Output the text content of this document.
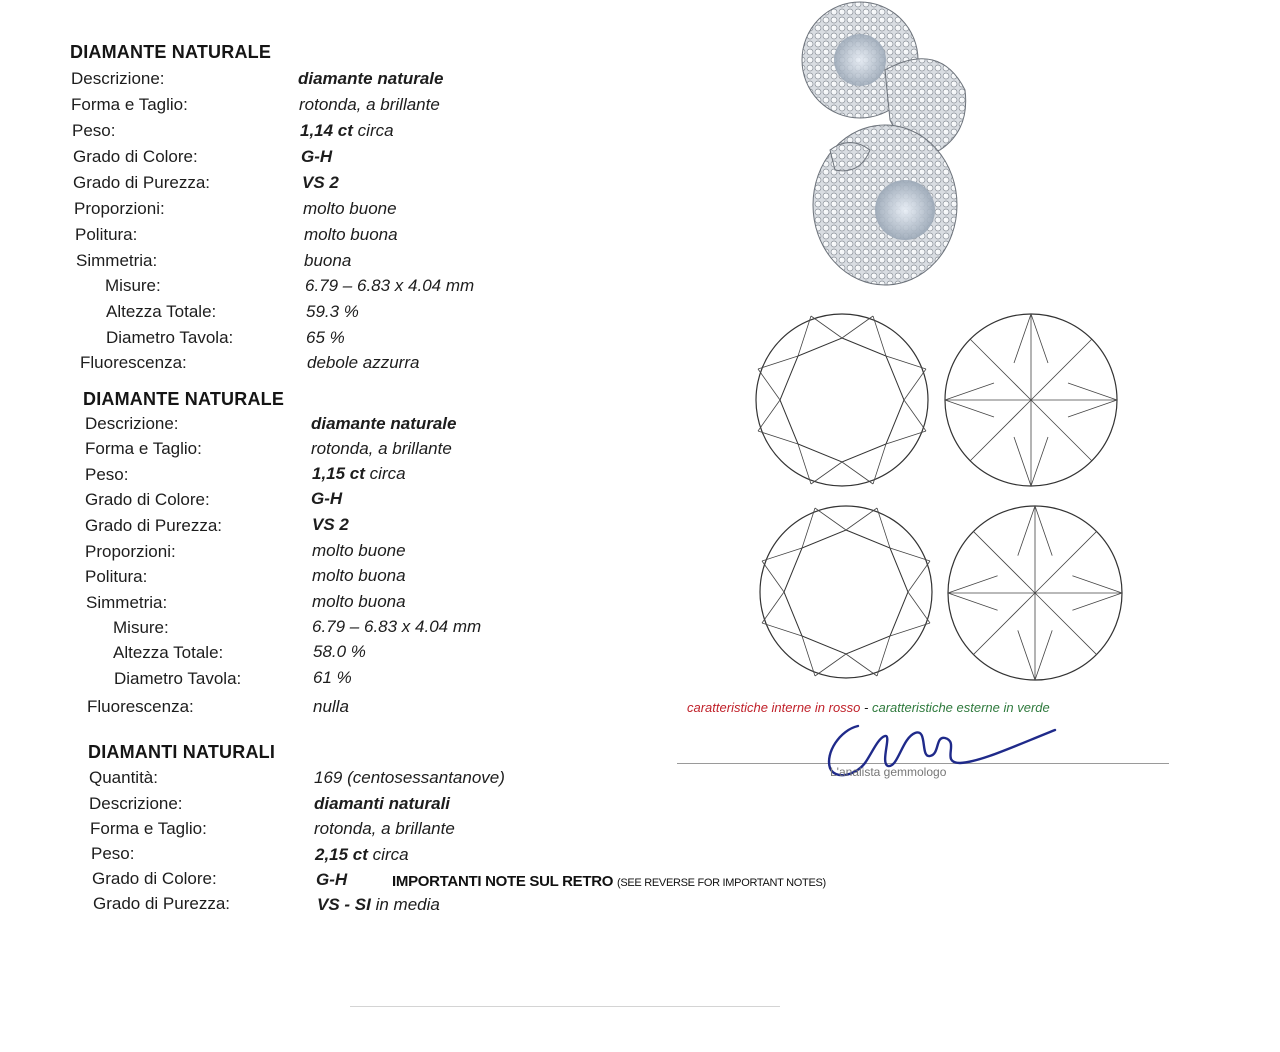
DIAMANTE NATURALE
Descrizione:	diamante naturale
Forma e Taglio:	rotonda, a brillante
Peso:	1,14 ct circa
Grado di Colore:	G-H
Grado di Purezza:	VS 2
Proporzioni:	molto buone
Politura:	molto buona
Simmetria:	buona
Misure:	6.79 – 6.83 x 4.04 mm
Altezza Totale:	59.3 %
Diametro Tavola:	65 %
Fluorescenza:	debole azzurra
DIAMANTE NATURALE
Descrizione:	diamante naturale
Forma e Taglio:	rotonda, a brillante
Peso:	1,15 ct circa
Grado di Colore:	G-H
Grado di Purezza:	VS 2
Proporzioni:	molto buone
Politura:	molto buona
Simmetria:	molto buona
Misure:	6.79 – 6.83 x 4.04 mm
Altezza Totale:	58.0 %
Diametro Tavola:	61 %
Fluorescenza:	nulla
DIAMANTI NATURALI
Quantità:	169 (centosessantanove)
Descrizione:	diamanti naturali
Forma e Taglio:	rotonda, a brillante
Peso:	2,15 ct circa
Grado di Colore:	G-H
Grado di Purezza:	VS - SI in media
IMPORTANTI NOTE SUL RETRO (SEE REVERSE FOR IMPORTANT NOTES)
caratteristiche interne in rosso - caratteristiche esterne in verde
L'analista gemmologo
